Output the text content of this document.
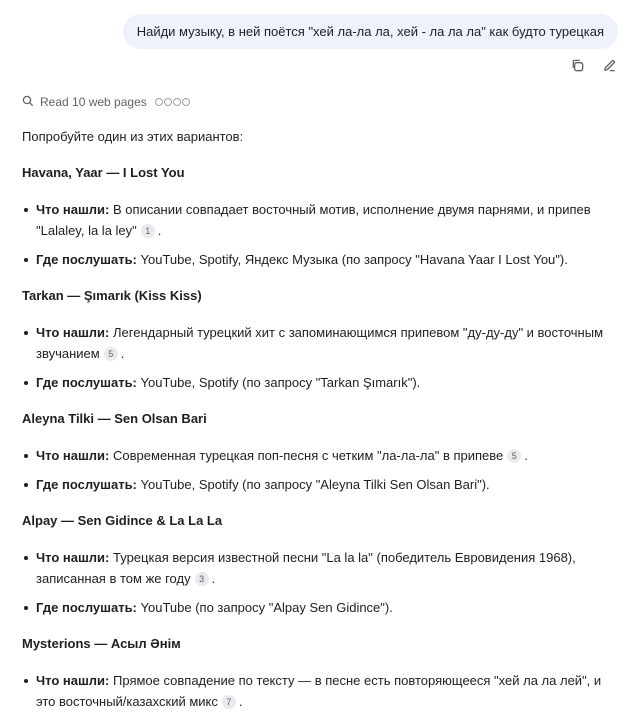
Найди музыку, в ней поётся "хей ла-ла ла, хей - ла ла ла" как будто турецкая
Read 10 web pages

Попробуйте один из этих вариантов:

Havana, Yaar — I Lost You
Что нашли: В описании совпадает восточный мотив, исполнение двумя парнями, и припев "Lalaley, la la ley" 1 .
Где послушать: YouTube, Spotify, Яндекс Музыка (по запросу "Havana Yaar I Lost You").
Tarkan — Şımarık (Kiss Kiss)
Что нашли: Легендарный турецкий хит с запоминающимся припевом "ду-ду-ду" и восточным звучанием 5 .
Где послушать: YouTube, Spotify (по запросу "Tarkan Şımarık").
Aleyna Tilki — Sen Olsan Bari
Что нашли: Современная турецкая поп-песня с четким "ла-ла-ла" в припеве 5 .
Где послушать: YouTube, Spotify (по запросу "Aleyna Tilki Sen Olsan Bari").
Alpay — Sen Gidince & La La La
Что нашли: Турецкая версия известной песни "La la la" (победитель Евровидения 1968), записанная в том же году 3 .
Где послушать: YouTube (по запросу "Alpay Sen Gidince").
Mysterions — Асыл Әнім
Что нашли: Прямое совпадение по тексту — в песне есть повторяющееся "хей ла ла лей", и это восточный/казахский микс 7 .
